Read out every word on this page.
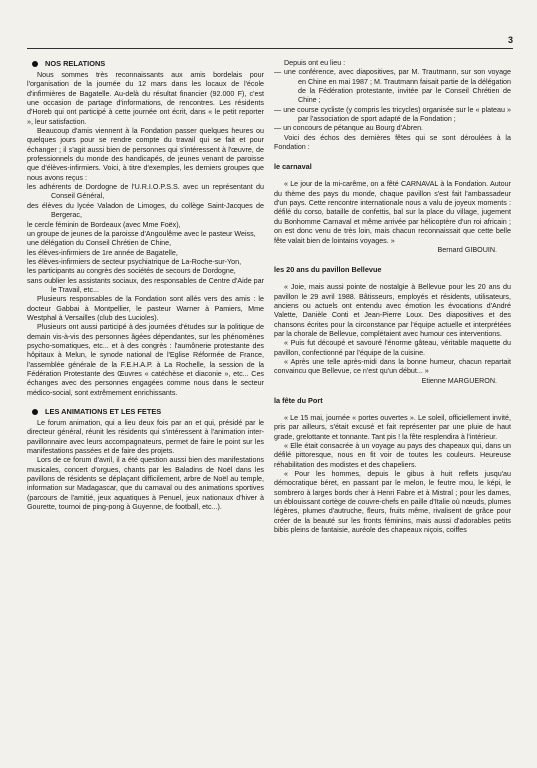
3
NOS RELATIONS

Nous sommes très reconnaissants aux amis bordelais pour l'organisation de la journée du 12 mars dans les locaux de l'école d'infirmières de Bagatelle. Au-delà du résultat financier (92.000 F), c'est une occasion de partage d'informations, de rencontres. Les résidents d'Horeb qui ont participé à cette journée ont écrit, dans « le petit reporter », leur satisfaction.

Beaucoup d'amis viennent à la Fondation passer quelques heures ou quelques jours pour se rendre compte du travail qui se fait et pour échanger ; il s'agit aussi bien de personnes qui s'intéressent à l'œuvre, de professionnels du monde des handicapés, de jeunes venant de paroisse que d'élèves-infirmiers. Voici, à titre d'exemples, les derniers groupes que nous avons reçus :

les adhérents de Dordogne de l'U.R.I.O.P.S.S. avec un représentant du Conseil Général,

des élèves du lycée Valadon de Limoges, du collège Saint-Jacques de Bergerac,

le cercle féminin de Bordeaux (avec Mme Foëx),

un groupe de jeunes de la paroisse d'Angoulême avec le pasteur Weiss,

une délégation du Conseil Chrétien de Chine,

les élèves-infirmiers de 1re année de Bagatelle,

les élèves-infirmiers de secteur psychiatrique de La-Roche-sur-Yon,

les participants au congrès des sociétés de secours de Dordogne,

sans oublier les assistants sociaux, des responsables de Centre d'Aide par le Travail, etc...

Plusieurs responsables de la Fondation sont allés vers des amis : le docteur Gabbai à Montpellier, le pasteur Warner à Pamiers, Mme Westphal à Versailles (club des Lucioles).

Plusieurs ont aussi participé à des journées d'études sur la politique de demain vis-à-vis des personnes âgées dépendantes, sur les phénomènes psycho-somatiques, etc... et à des congrès : l'aumônerie protestante des hôpitaux à Melun, le synode national de l'Eglise Réformée de France, l'assemblée générale de la F.E.H.A.P. à La Rochelle, la session de la Fédération Protestante des Œuvres « catéchèse et diaconie », etc... Ces échanges avec des personnes engagées comme nous dans le secteur médico-social, sont extrêmement enrichissants.

LES ANIMATIONS ET LES FETES

Le forum animation, qui a lieu deux fois par an et qui, présidé par le directeur général, réunit les résidents qui s'intéressent à l'animation inter-pavillonnaire avec leurs accompagnateurs, permet de faire le point sur les manifestations passées et de faire des projets.

Lors de ce forum d'avril, il a été question aussi bien des manifestations musicales, concert d'orgues, chants par les Baladins de Noël dans les pavillons de résidents se déplaçant difficilement, arbre de Noël au temple, information sur Madagascar, que du carnaval ou des animations sportives (parcours de l'amitié, jeux aquatiques à Penuel, jeux nationaux d'hiver à Gourette, tournoi de ping-pong à Guyenne, de football, etc...).

Depuis ont eu lieu :

— une conférence, avec diapositives, par M. Trautmann, sur son voyage en Chine en mai 1987 ; M. Trautmann faisait partie de la délégation de la Fédération protestante, invitée par le Conseil Chrétien de Chine ;

— une course cycliste (y compris les tricycles) organisée sur le « plateau » par l'association de sport adapté de la Fondation ;

— un concours de pétanque au Bourg d'Abren.

Voici des échos des dernières fêtes qui se sont déroulées à la Fondation :

le carnaval

« Le jour de la mi-carême, on a fêté CARNAVAL à la Fondation. Autour du thème des pays du monde, chaque pavillon s'est fait l'ambassadeur d'un pays. Cette rencontre internationale nous a valu de joyeux moments : défilé du corso, bataille de confettis, bal sur la place du village, jugement du Bonhomme Carnaval et même arrivée par hélicoptère d'un roi africain ; on est donc venu de très loin, mais chacun reconnaissait que cette belle fête valait bien de lointains voyages. »

Bernard GIBOUIN.

les 20 ans du pavillon Bellevue

« Joie, mais aussi pointe de nostalgie à Bellevue pour les 20 ans du pavillon le 29 avril 1988. Bâtisseurs, employés et résidents, utilisateurs, anciens ou actuels ont entendu avec émotion les évocations d'André Valette, Danièle Conti et Jean-Pierre Loux. Des diapositives et des chansons écrites pour la circonstance par l'équipe actuelle et interprétées par la chorale de Bellevue, complétaient avec humour ces interventions.

« Puis fut découpé et savouré l'énorme gâteau, véritable maquette du pavillon, confectionné par l'équipe de la cuisine.

« Après une telle après-midi dans la bonne humeur, chacun repartait convaincu que Bellevue, ce n'est qu'un début... »

Etienne MARGUERON.

la fête du Port

« Le 15 mai, journée « portes ouvertes ». Le soleil, officiellement invité, pris par ailleurs, s'était excusé et fait représenter par une pluie de haut grade, grelottante et tonnante. Tant pis ! la fête resplendira à l'intérieur.

« Elle était consacrée à un voyage au pays des chapeaux qui, dans un défilé pittoresque, nous en fit voir de toutes les couleurs. Heureuse réhabilitation des modistes et des chapeliers.

« Pour les hommes, depuis le gibus à huit reflets jusqu'au démocratique béret, en passant par le melon, le feutre mou, le képi, le sombrero à larges bords cher à Henri Fabre et à Mistral ; pour les dames, un éblouissant cortège de couvre-chefs en paille d'Italie où nœuds, plumes légères, plumes d'autruche, fleurs, fruits même, rivalisent de grâce pour créer de la beauté sur les fronts féminins, mais aussi d'adorables petits bibis pleins de fantaisie, auréole des chapeaux niçois, coiffes
